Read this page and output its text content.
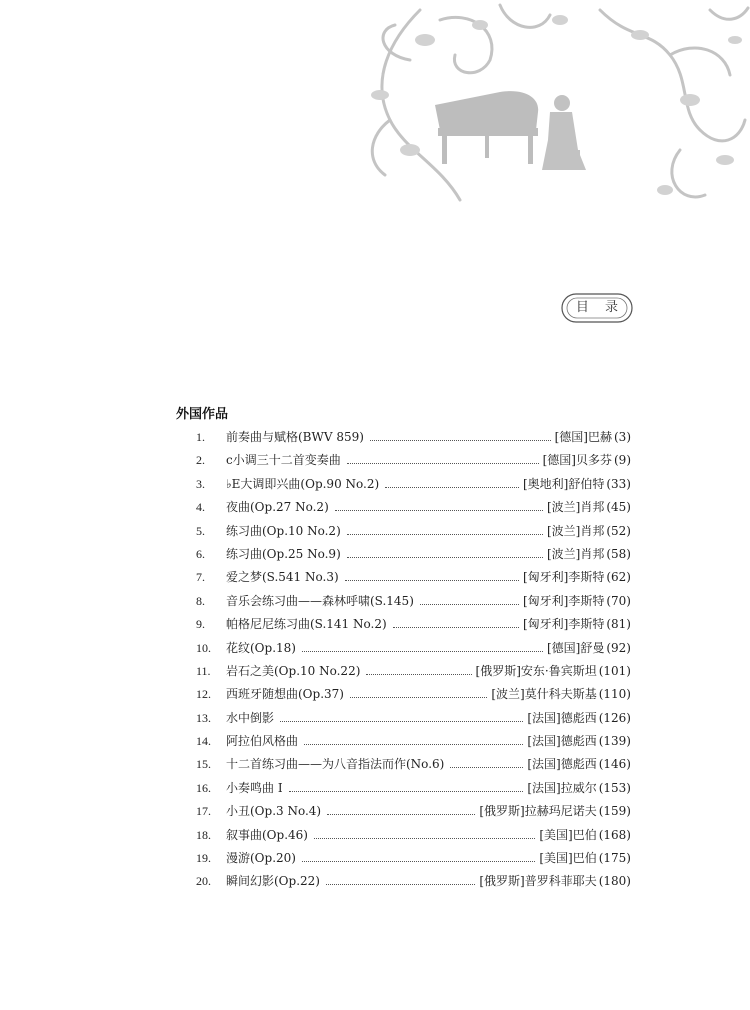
目 录
外国作品
1.	前奏曲与赋格(BWV 859)	[德国]巴赫 (3)
2.	c小调三十二首变奏曲	[德国]贝多芬 (9)
3.	♭E大调即兴曲(Op.90 No.2)	[奥地利]舒伯特 (33)
4.	夜曲(Op.27 No.2)	[波兰]肖邦 (45)
5.	练习曲(Op.10 No.2)	[波兰]肖邦 (52)
6.	练习曲(Op.25 No.9)	[波兰]肖邦 (58)
7.	爱之梦(S.541 No.3)	[匈牙利]李斯特 (62)
8.	音乐会练习曲——森林呼啸(S.145)	[匈牙利]李斯特 (70)
9.	帕格尼尼练习曲(S.141 No.2)	[匈牙利]李斯特 (81)
10.	花纹(Op.18)	[德国]舒曼 (92)
11.	岩石之美(Op.10 No.22)	[俄罗斯]安东·鲁宾斯坦 (101)
12.	西班牙随想曲(Op.37)	[波兰]莫什科夫斯基 (110)
13.	水中倒影	[法国]德彪西 (126)
14.	阿拉伯风格曲	[法国]德彪西 (139)
15.	十二首练习曲——为八音指法而作(No.6)	[法国]德彪西 (146)
16.	小奏鸣曲 Ⅰ	[法国]拉威尔 (153)
17.	小丑(Op.3 No.4)	[俄罗斯]拉赫玛尼诺夫 (159)
18.	叙事曲(Op.46)	[美国]巴伯 (168)
19.	漫游(Op.20)	[美国]巴伯 (175)
20.	瞬间幻影(Op.22)	[俄罗斯]普罗科菲耶夫 (180)
